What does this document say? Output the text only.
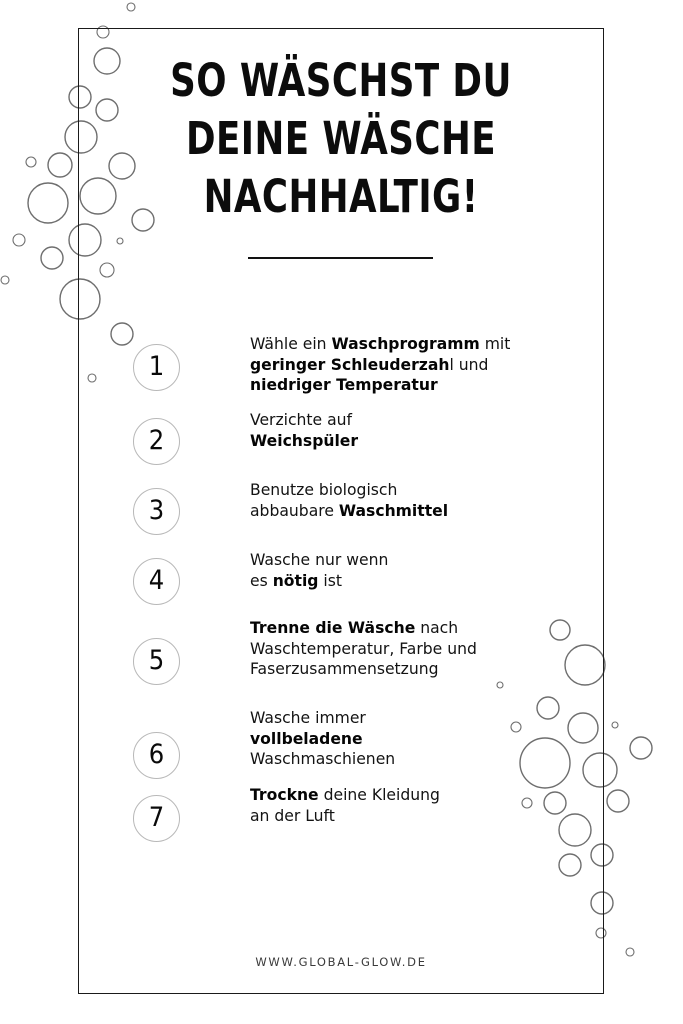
SO WÄSCHST DU
DEINE WÄSCHE
NACHHALTIG!
1
Wähle ein Waschprogramm mit
geringer Schleuderzahl und
niedriger Temperatur
2
Verzichte auf
Weichspüler
3
Benutze biologisch
abbaubare Waschmittel
4
Wasche nur wenn
es nötig ist
5
Trenne die Wäsche nach
Waschtemperatur, Farbe und
Faserzusammensetzung
6
Wasche immer
vollbeladene
Waschmaschienen
7
Trockne deine Kleidung
an der Luft
WWW.GLOBAL-GLOW.DE
